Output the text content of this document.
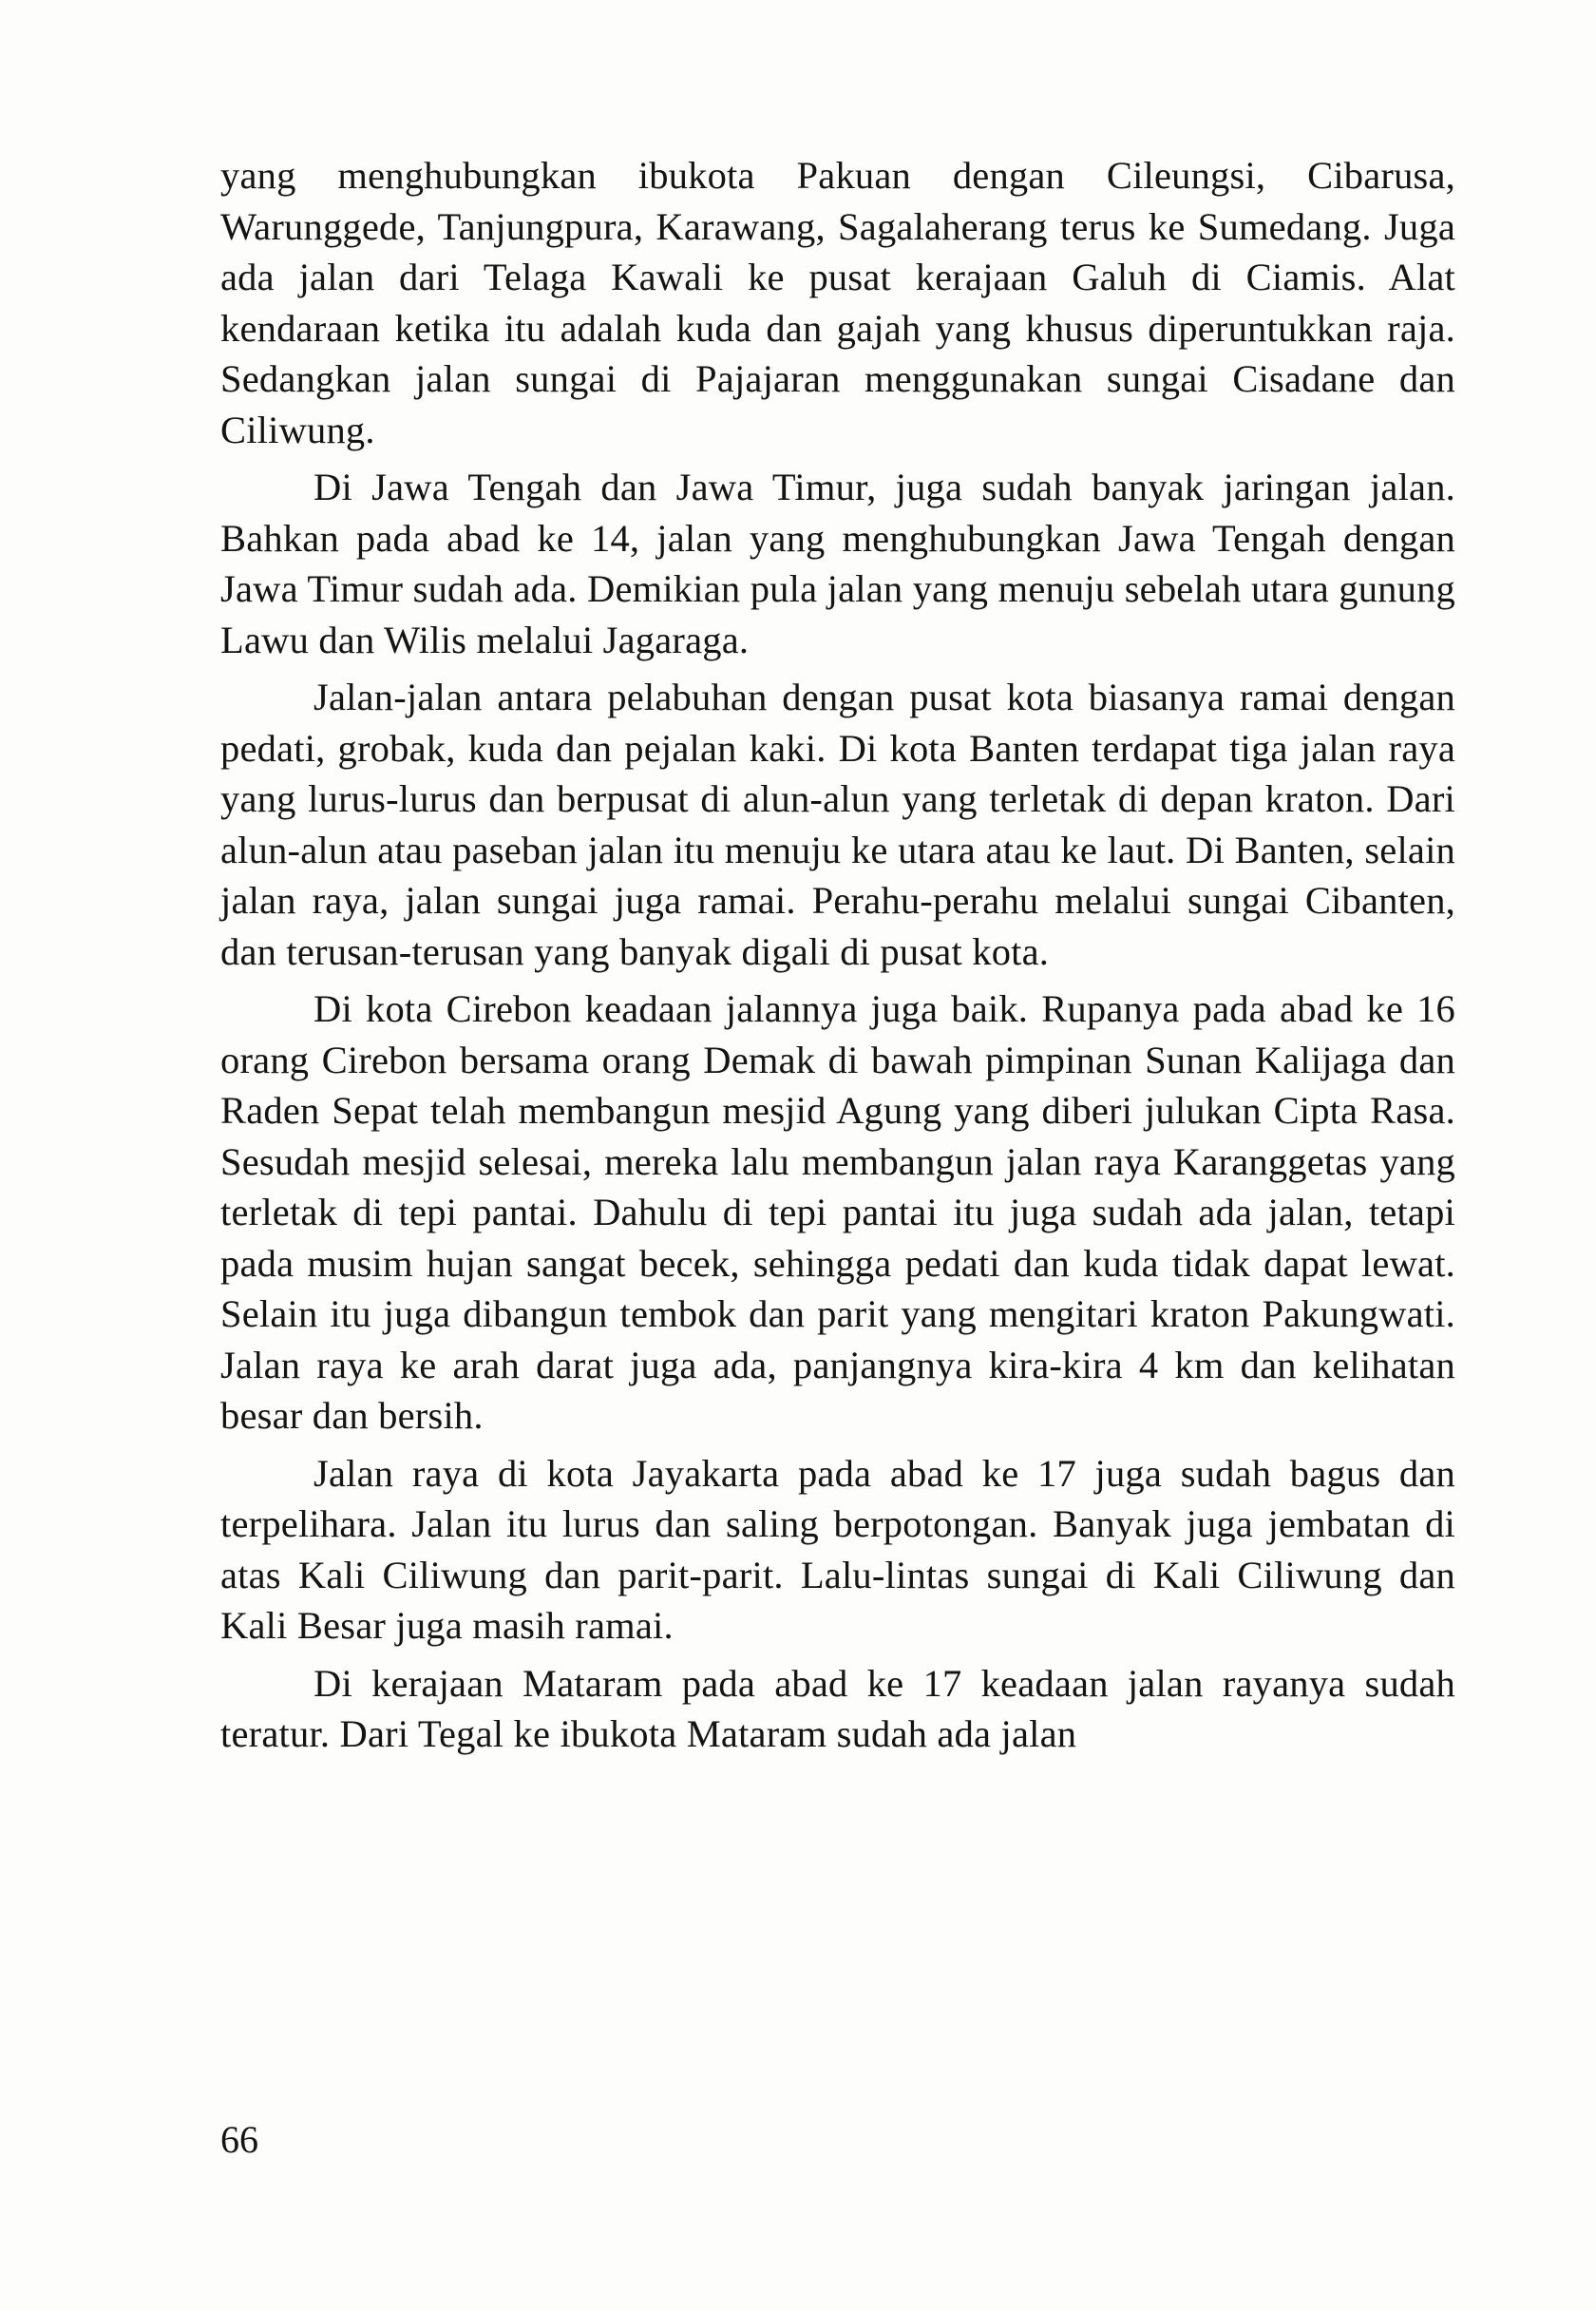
yang menghubungkan ibukota Pakuan dengan Cileungsi, Cibarusa, Warunggede, Tanjungpura, Karawang, Sagalaherang terus ke Sumedang. Juga ada jalan dari Telaga Kawali ke pusat kerajaan Galuh di Ciamis. Alat kendaraan ketika itu adalah kuda dan gajah yang khusus diperuntukkan raja. Sedangkan jalan sungai di Pajajaran menggunakan sungai Cisadane dan Ciliwung.

Di Jawa Tengah dan Jawa Timur, juga sudah banyak jaringan jalan. Bahkan pada abad ke 14, jalan yang menghubungkan Jawa Tengah dengan Jawa Timur sudah ada. Demikian pula jalan yang menuju sebelah utara gunung Lawu dan Wilis melalui Jagaraga.

Jalan-jalan antara pelabuhan dengan pusat kota biasanya ramai dengan pedati, grobak, kuda dan pejalan kaki. Di kota Banten terdapat tiga jalan raya yang lurus-lurus dan berpusat di alun-alun yang terletak di depan kraton. Dari alun-alun atau paseban jalan itu menuju ke utara atau ke laut. Di Banten, selain jalan raya, jalan sungai juga ramai. Perahu-perahu melalui sungai Cibanten, dan terusan-terusan yang banyak digali di pusat kota.

Di kota Cirebon keadaan jalannya juga baik. Rupanya pada abad ke 16 orang Cirebon bersama orang Demak di bawah pimpinan Sunan Kalijaga dan Raden Sepat telah membangun mesjid Agung yang diberi julukan Cipta Rasa. Sesudah mesjid selesai, mereka lalu membangun jalan raya Karanggetas yang terletak di tepi pantai. Dahulu di tepi pantai itu juga sudah ada jalan, tetapi pada musim hujan sangat becek, sehingga pedati dan kuda tidak dapat lewat. Selain itu juga dibangun tembok dan parit yang mengitari kraton Pakungwati. Jalan raya ke arah darat juga ada, panjangnya kira-kira 4 km dan kelihatan besar dan bersih.

Jalan raya di kota Jayakarta pada abad ke 17 juga sudah bagus dan terpelihara. Jalan itu lurus dan saling berpotongan. Banyak juga jembatan di atas Kali Ciliwung dan parit-parit. Lalu-lintas sungai di Kali Ciliwung dan Kali Besar juga masih ramai.

Di kerajaan Mataram pada abad ke 17 keadaan jalan rayanya sudah teratur. Dari Tegal ke ibukota Mataram sudah ada jalan

66
